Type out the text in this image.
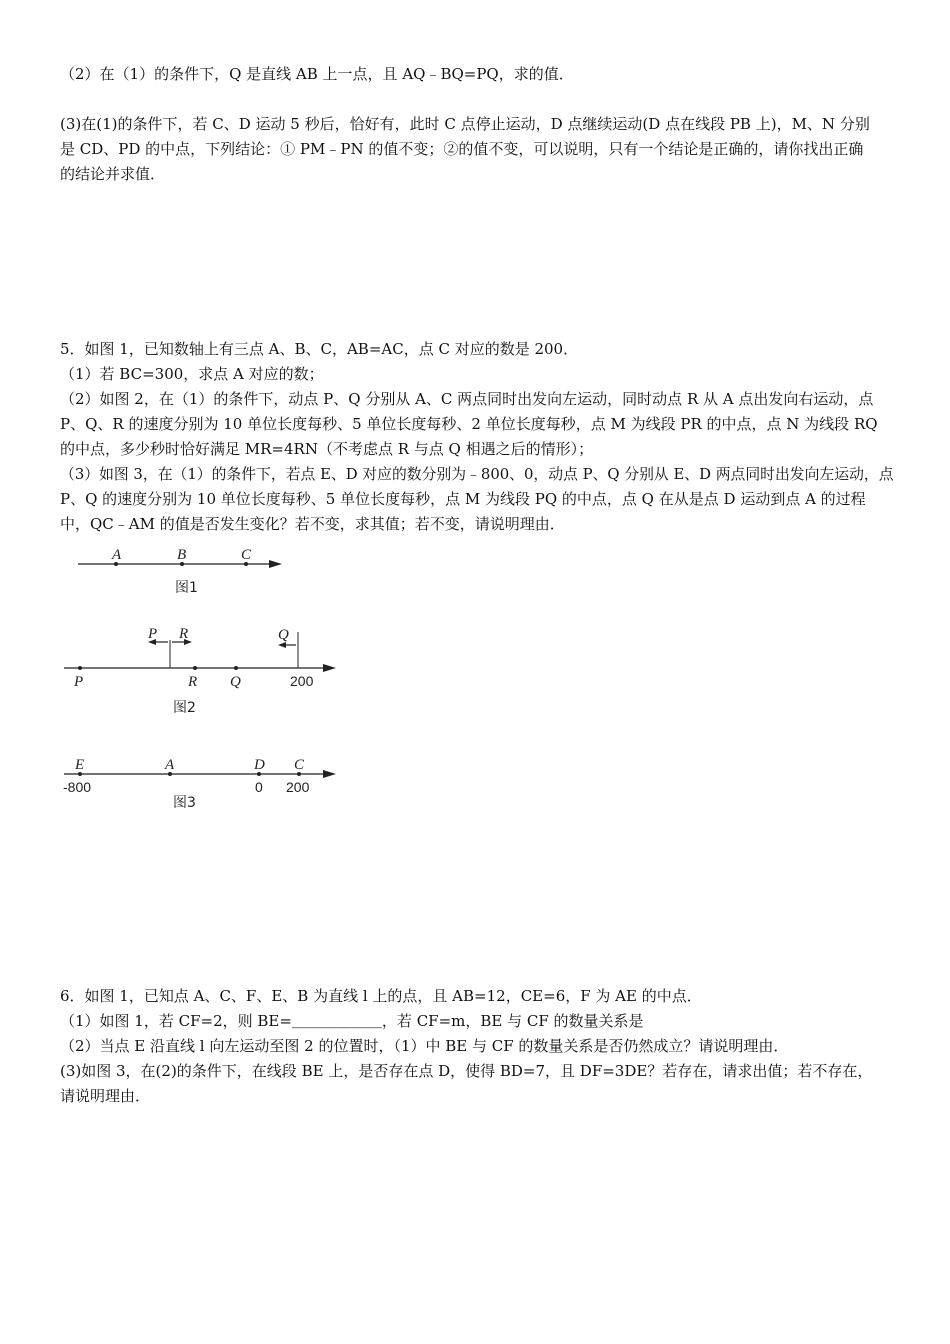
（2）在（1）的条件下，Q 是直线 AB 上一点，且 AQ﹣BQ=PQ，求的值．

(3)在(1)的条件下，若 C、D 运动 5 秒后，恰好有，此时 C 点停止运动，D 点继续运动(D 点在线段 PB 上)，M、N 分别
是 CD、PD 的中点，下列结论：① PM﹣PN 的值不变；②的值不变，可以说明，只有一个结论是正确的，请你找出正确
的结论并求值．

5．如图 1，已知数轴上有三点 A、B、C，AB=AC，点 C 对应的数是 200．
（1）若 BC=300，求点 A 对应的数；
（2）如图 2，在（1）的条件下，动点 P、Q 分别从 A、C 两点同时出发向左运动，同时动点 R 从 A 点出发向右运动，点
P、Q、R 的速度分别为 10 单位长度每秒、5 单位长度每秒、2 单位长度每秒，点 M 为线段 PR 的中点，点 N 为线段 RQ
的中点，多少秒时恰好满足 MR=4RN（不考虑点 R 与点 Q 相遇之后的情形）；
（3）如图 3，在（1）的条件下，若点 E、D 对应的数分别为﹣800、0，动点 P、Q 分别从 E、D 两点同时出发向左运动，点
P、Q 的速度分别为 10 单位长度每秒、5 单位长度每秒，点 M 为线段 PQ 的中点，点 Q 在从是点 D 运动到点 A 的过程
中，QC﹣AM 的值是否发生变化？若不变，求其值；若不变，请说明理由．

A	B	C
图1
P R	Q
P	R Q	200
图2
E	A	D C
-800	0 200
图3

6．如图 1，已知点 A、C、F、E、B 为直线 l 上的点，且 AB=12，CE=6，F 为 AE 的中点．
（1）如图 1，若 CF=2，则 BE=＿＿＿＿＿＿，若 CF=m，BE 与 CF 的数量关系是
（2）当点 E 沿直线 l 向左运动至图 2 的位置时，（1）中 BE 与 CF 的数量关系是否仍然成立？请说明理由．
(3)如图 3，在(2)的条件下，在线段 BE 上，是否存在点 D，使得 BD=7，且 DF=3DE？若存在，请求出值；若不存在，
请说明理由．
